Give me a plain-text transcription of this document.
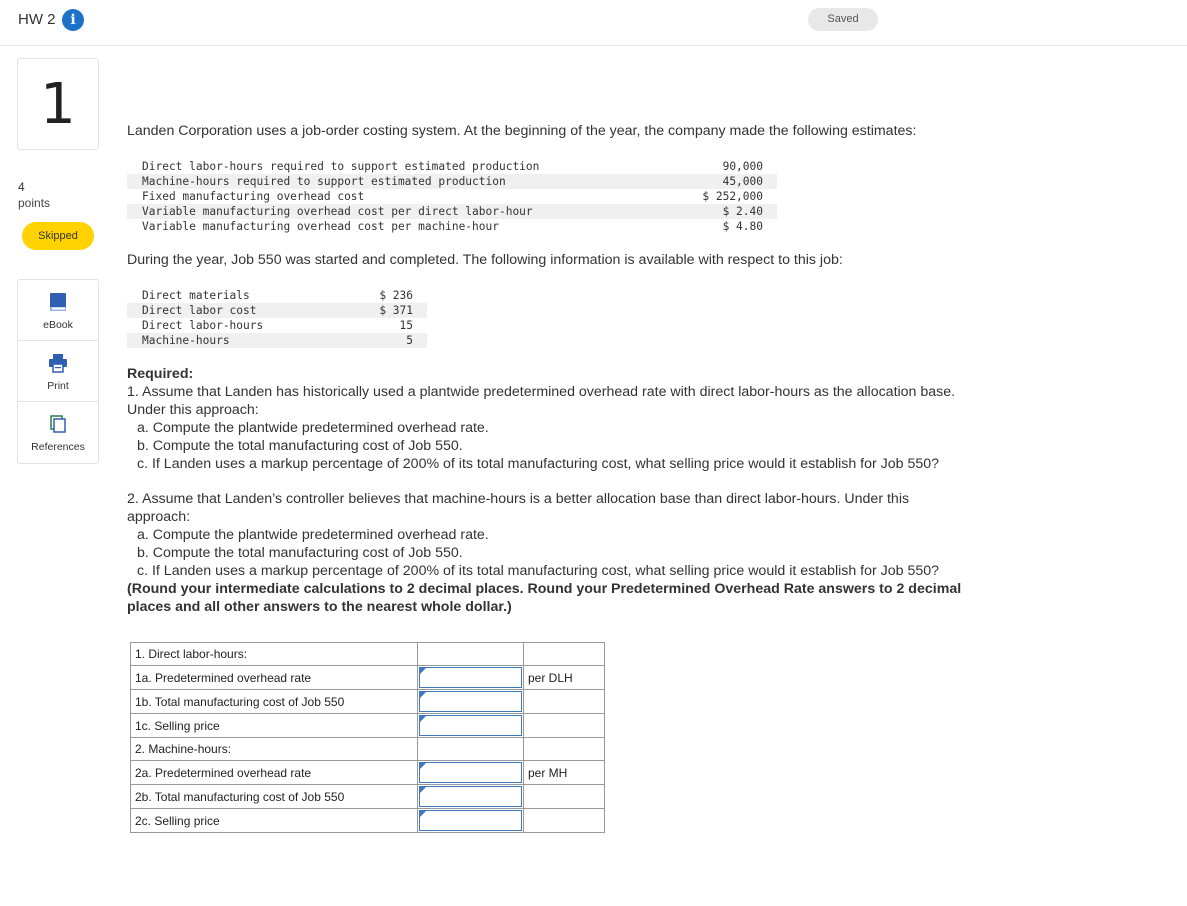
HW 2	i	Saved
1
4
points
Skipped
eBook
Print
References
Landen Corporation uses a job-order costing system. At the beginning of the year, the company made the following estimates:
Direct labor-hours required to support estimated production	90,000
Machine-hours required to support estimated production	45,000
Fixed manufacturing overhead cost	$ 252,000
Variable manufacturing overhead cost per direct labor-hour	$ 2.40
Variable manufacturing overhead cost per machine-hour	$ 4.80
During the year, Job 550 was started and completed. The following information is available with respect to this job:
Direct materials	$ 236
Direct labor cost	$ 371
Direct labor-hours	15
Machine-hours	5
Required:
1. Assume that Landen has historically used a plantwide predetermined overhead rate with direct labor-hours as the allocation base.
Under this approach:
a. Compute the plantwide predetermined overhead rate.
b. Compute the total manufacturing cost of Job 550.
c. If Landen uses a markup percentage of 200% of its total manufacturing cost, what selling price would it establish for Job 550?
2. Assume that Landen’s controller believes that machine-hours is a better allocation base than direct labor-hours. Under this
approach:
a. Compute the plantwide predetermined overhead rate.
b. Compute the total manufacturing cost of Job 550.
c. If Landen uses a markup percentage of 200% of its total manufacturing cost, what selling price would it establish for Job 550?
(Round your intermediate calculations to 2 decimal places. Round your Predetermined Overhead Rate answers to 2 decimal
places and all other answers to the nearest whole dollar.)
1. Direct labor-hours:		
1a. Predetermined overhead rate		per DLH
1b. Total manufacturing cost of Job 550	

1c. Selling price	

2. Machine-hours:		
2a. Predetermined overhead rate		per MH
2b. Total manufacturing cost of Job 550	

2c. Selling price	
